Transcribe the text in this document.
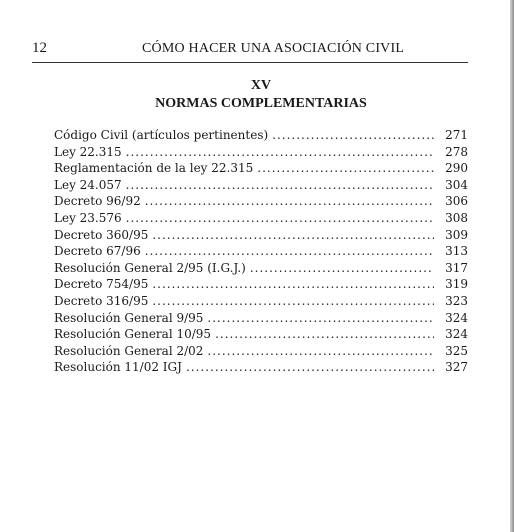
12	CÓMO HACER UNA ASOCIACIÓN CIVIL
XV
NORMAS COMPLEMENTARIAS
Código Civil (artículos pertinentes) .....	271
Ley 22.315 .....	278
Reglamentación de la ley 22.315 .....	290
Ley 24.057 .....	304
Decreto 96/92 .....	306
Ley 23.576 .....	308
Decreto 360/95 .....	309
Decreto 67/96 .....	313
Resolución General 2/95 (I.G.J.) .....	317
Decreto 754/95 .....	319
Decreto 316/95 .....	323
Resolución General 9/95 .....	324
Resolución General 10/95 .....	324
Resolución General 2/02 .....	325
Resolución 11/02 IGJ .....	327
